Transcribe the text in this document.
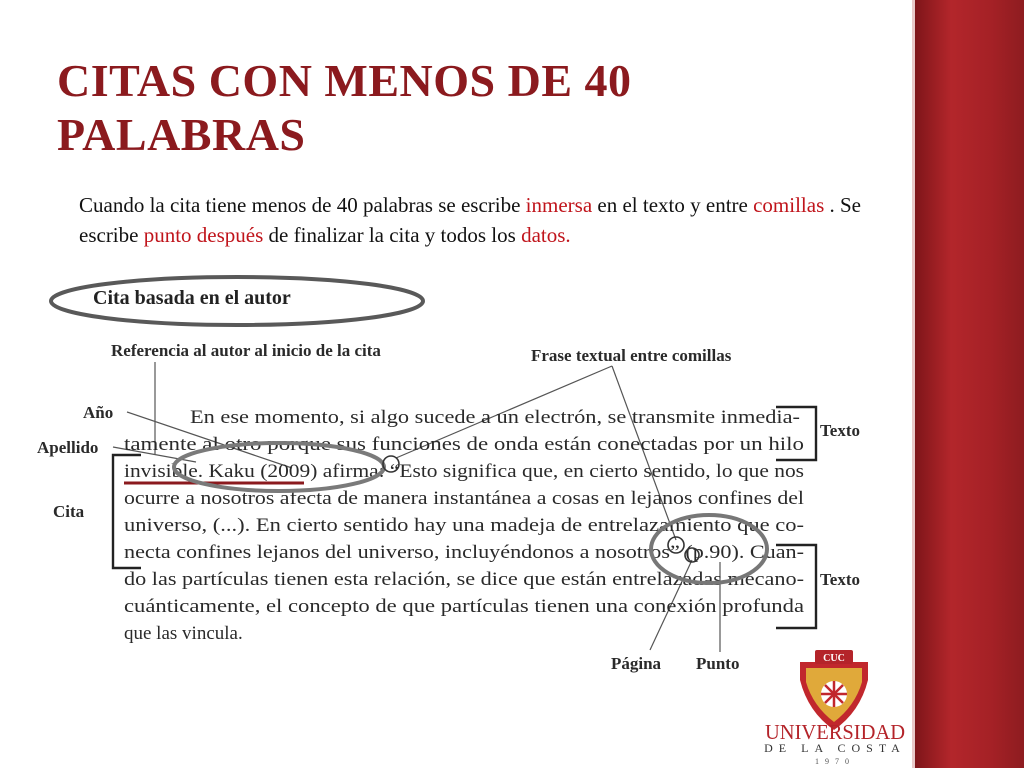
CITAS CON MENOS DE 40
PALABRAS

Cuando la cita tiene menos de 40 palabras se escribe inmersa en el texto y entre comillas . Se escribe punto después de finalizar la cita y todos los datos.

Cita basada en el autor
Referencia al autor al inicio de la cita	Frase textual entre comillas
Año
Apellido
Cita
Texto
Texto
Página Punto
En ese momento, si algo sucede a un electrón, se transmite inmedia-
tamente al otro porque sus funciones de onda están conectadas por un hilo
invisible. Kaku (2009) afirma: “Esto significa que, en cierto sentido, lo que nos
ocurre a nosotros afecta de manera instantánea a cosas en lejanos confines del
universo, (...). En cierto sentido hay una madeja de entrelazamiento que co-
necta confines lejanos del universo, incluyéndonos a nosotros” (p.90). Cuan-
do las partículas tienen esta relación, se dice que están entrelazadas mecano-
cuánticamente, el concepto de que partículas tienen una conexión profunda
que las vincula.
CUC
UNIVERSIDAD
DE LA COSTA
1970
